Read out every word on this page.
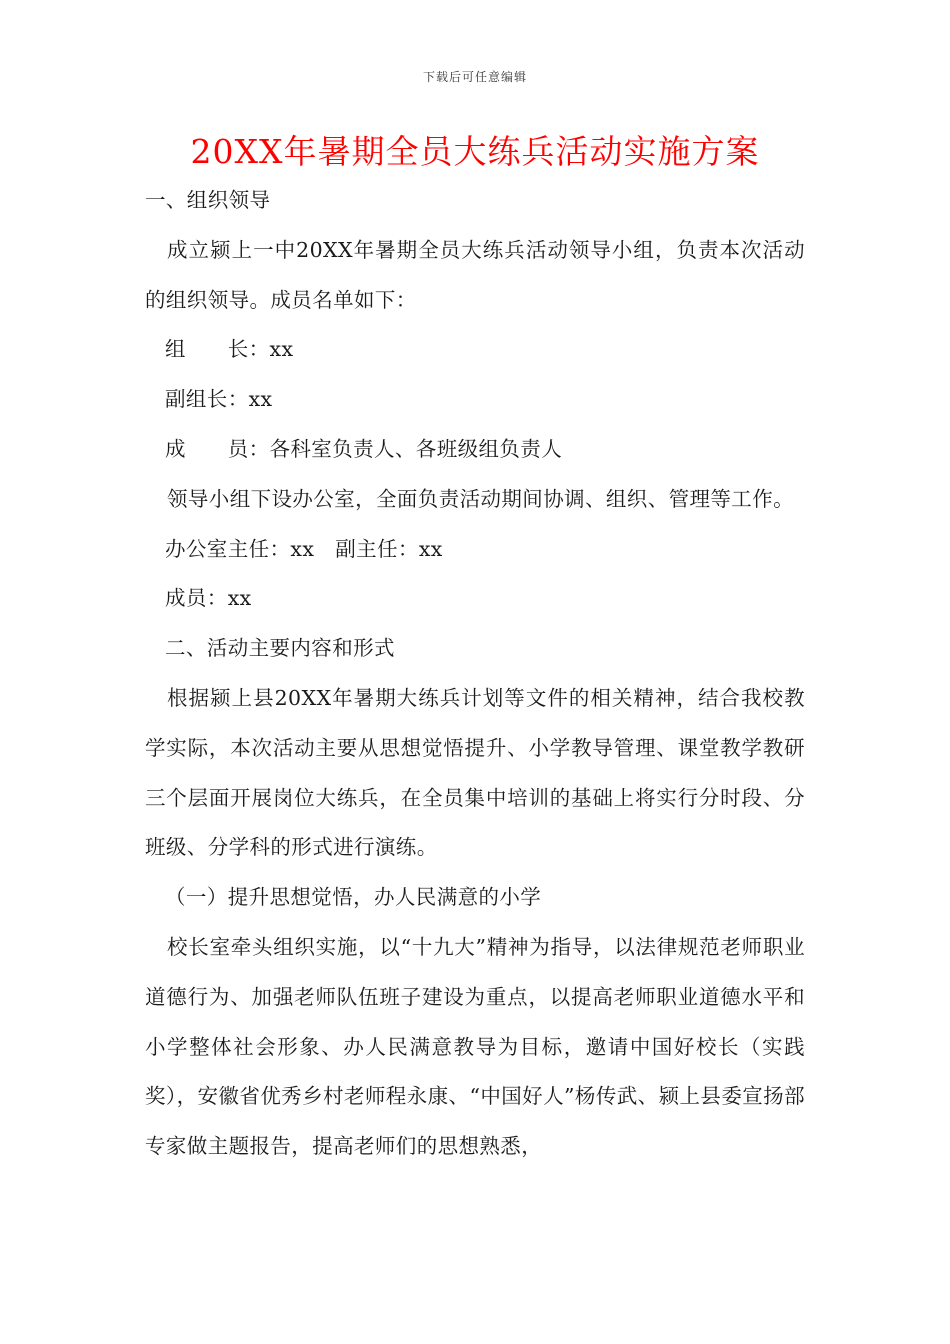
下载后可任意编辑
20XX年暑期全员大练兵活动实施方案

一、组织领导

成立颍上一中20XX年暑期全员大练兵活动领导小组，负责本次活动的组织领导。成员名单如下：

组　　长：xx

副组长：xx

成　　员：各科室负责人、各班级组负责人

领导小组下设办公室，全面负责活动期间协调、组织、管理等工作。

办公室主任：xx　副主任：xx

成员：xx

二、活动主要内容和形式

根据颍上县20XX年暑期大练兵计划等文件的相关精神，结合我校教学实际，本次活动主要从思想觉悟提升、小学教导管理、课堂教学教研三个层面开展岗位大练兵，在全员集中培训的基础上将实行分时段、分班级、分学科的形式进行演练。

（一）提升思想觉悟，办人民满意的小学

校长室牵头组织实施，以“十九大”精神为指导，以法律规范老师职业道德行为、加强老师队伍班子建设为重点，以提高老师职业道德水平和小学整体社会形象、办人民满意教导为目标，邀请中国好校长（实践奖），安徽省优秀乡村老师程永康、“中国好人”杨传武、颍上县委宣扬部专家做主题报告，提高老师们的思想熟悉，
